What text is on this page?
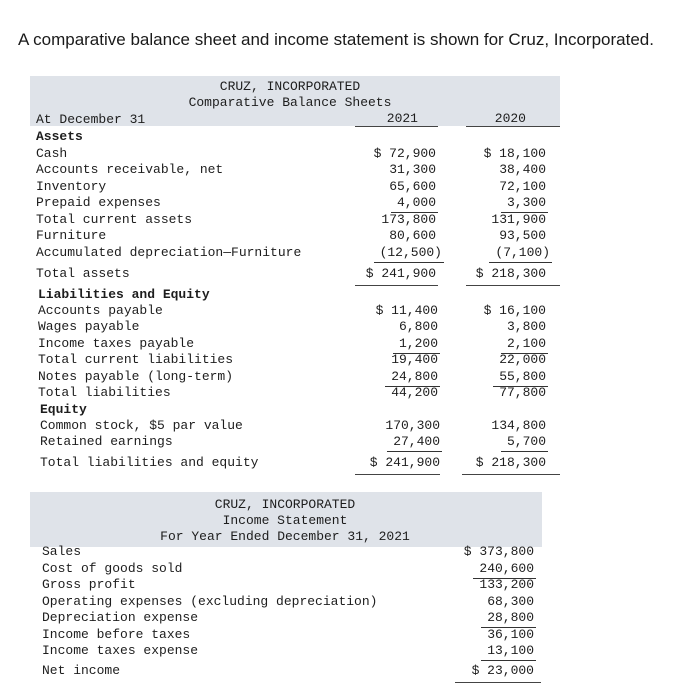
A comparative balance sheet and income statement is shown for Cruz, Incorporated.
CRUZ, INCORPORATED
Comparative Balance Sheets
At December 31	2021	2020
Assets
Cash	$ 72,900	$ 18,100
Accounts receivable, net	31,300	38,400
Inventory	65,600	72,100
Prepaid expenses	4,000	3,300
Total current assets	173,800	131,900
Furniture	80,600	93,500
Accumulated depreciation—Furniture	(12,500)	(7,100)
Total assets	$ 241,900	$ 218,300
Liabilities and Equity
Accounts payable	$ 11,400	$ 16,100
Wages payable	6,800	3,800
Income taxes payable	1,200	2,100
Total current liabilities	19,400	22,000
Notes payable (long-term)	24,800	55,800
Total liabilities	44,200	77,800
Equity
Common stock, $5 par value	170,300	134,800
Retained earnings	27,400	5,700
Total liabilities and equity	$ 241,900	$ 218,300
CRUZ, INCORPORATED
Income Statement
For Year Ended December 31, 2021
Sales	$ 373,800
Cost of goods sold	240,600
Gross profit	133,200
Operating expenses (excluding depreciation)	68,300
Depreciation expense	28,800
Income before taxes	36,100
Income taxes expense	13,100
Net income	$ 23,000
